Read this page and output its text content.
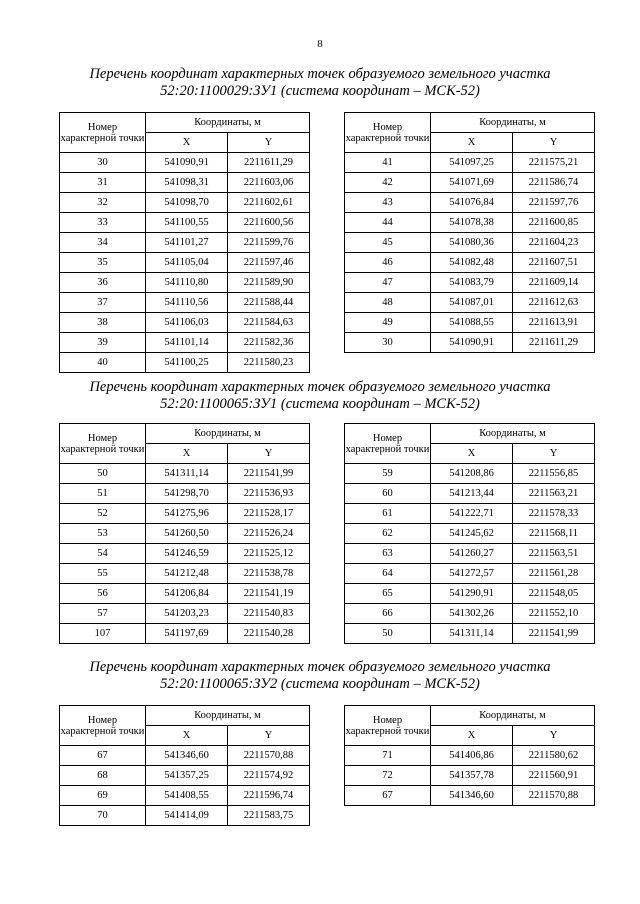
8

Перечень координат характерных точек образуемого земельного участка

52:20:1100029:ЗУ1 (система координат – МСК-52)

Номер характерной точки	Координаты, м	
	X	Y
30	541090,91	2211611,29
31	541098,31	2211603,06
32	541098,70	2211602,61
33	541100,55	2211600,56
34	541101,27	2211599,76
35	541105,04	2211597,46
36	541110,80	2211589,90
37	541110,56	2211588,44
38	541106,03	2211584,63
39	541101,14	2211582,36
40	541100,25	2211580,23
Номер характерной точки	Координаты, м	
	X	Y
41	541097,25	2211575,21
42	541071,69	2211586,74
43	541076,84	2211597,76
44	541078,38	2211600,85
45	541080,36	2211604,23
46	541082,48	2211607,51
47	541083,79	2211609,14
48	541087,01	2211612,63
49	541088,55	2211613,91
30	541090,91	2211611,29

Перечень координат характерных точек образуемого земельного участка

52:20:1100065:ЗУ1 (система координат – МСК-52)

Номер характерной точки	Координаты, м	
	X	Y
50	541311,14	2211541,99
51	541298,70	2211536,93
52	541275,96	2211528,17
53	541260,50	2211526,24
54	541246,59	2211525,12
55	541212,48	2211538,78
56	541206,84	2211541,19
57	541203,23	2211540,83
107	541197,69	2211540,28
Номер характерной точки	Координаты, м	
	X	Y
59	541208,86	2211556,85
60	541213,44	2211563,21
61	541222,71	2211578,33
62	541245,62	2211568,11
63	541260,27	2211563,51
64	541272,57	2211561,28
65	541290,91	2211548,05
66	541302,26	2211552,10
50	541311,14	2211541,99

Перечень координат характерных точек образуемого земельного участка

52:20:1100065:ЗУ2 (система координат – МСК-52)

Номер характерной точки	Координаты, м	
	X	Y
67	541346,60	2211570,88
68	541357,25	2211574,92
69	541408,55	2211596,74
70	541414,09	2211583,75
Номер характерной точки	Координаты, м	
	X	Y
71	541406,86	2211580,62
72	541357,78	2211560,91
67	541346,60	2211570,88
